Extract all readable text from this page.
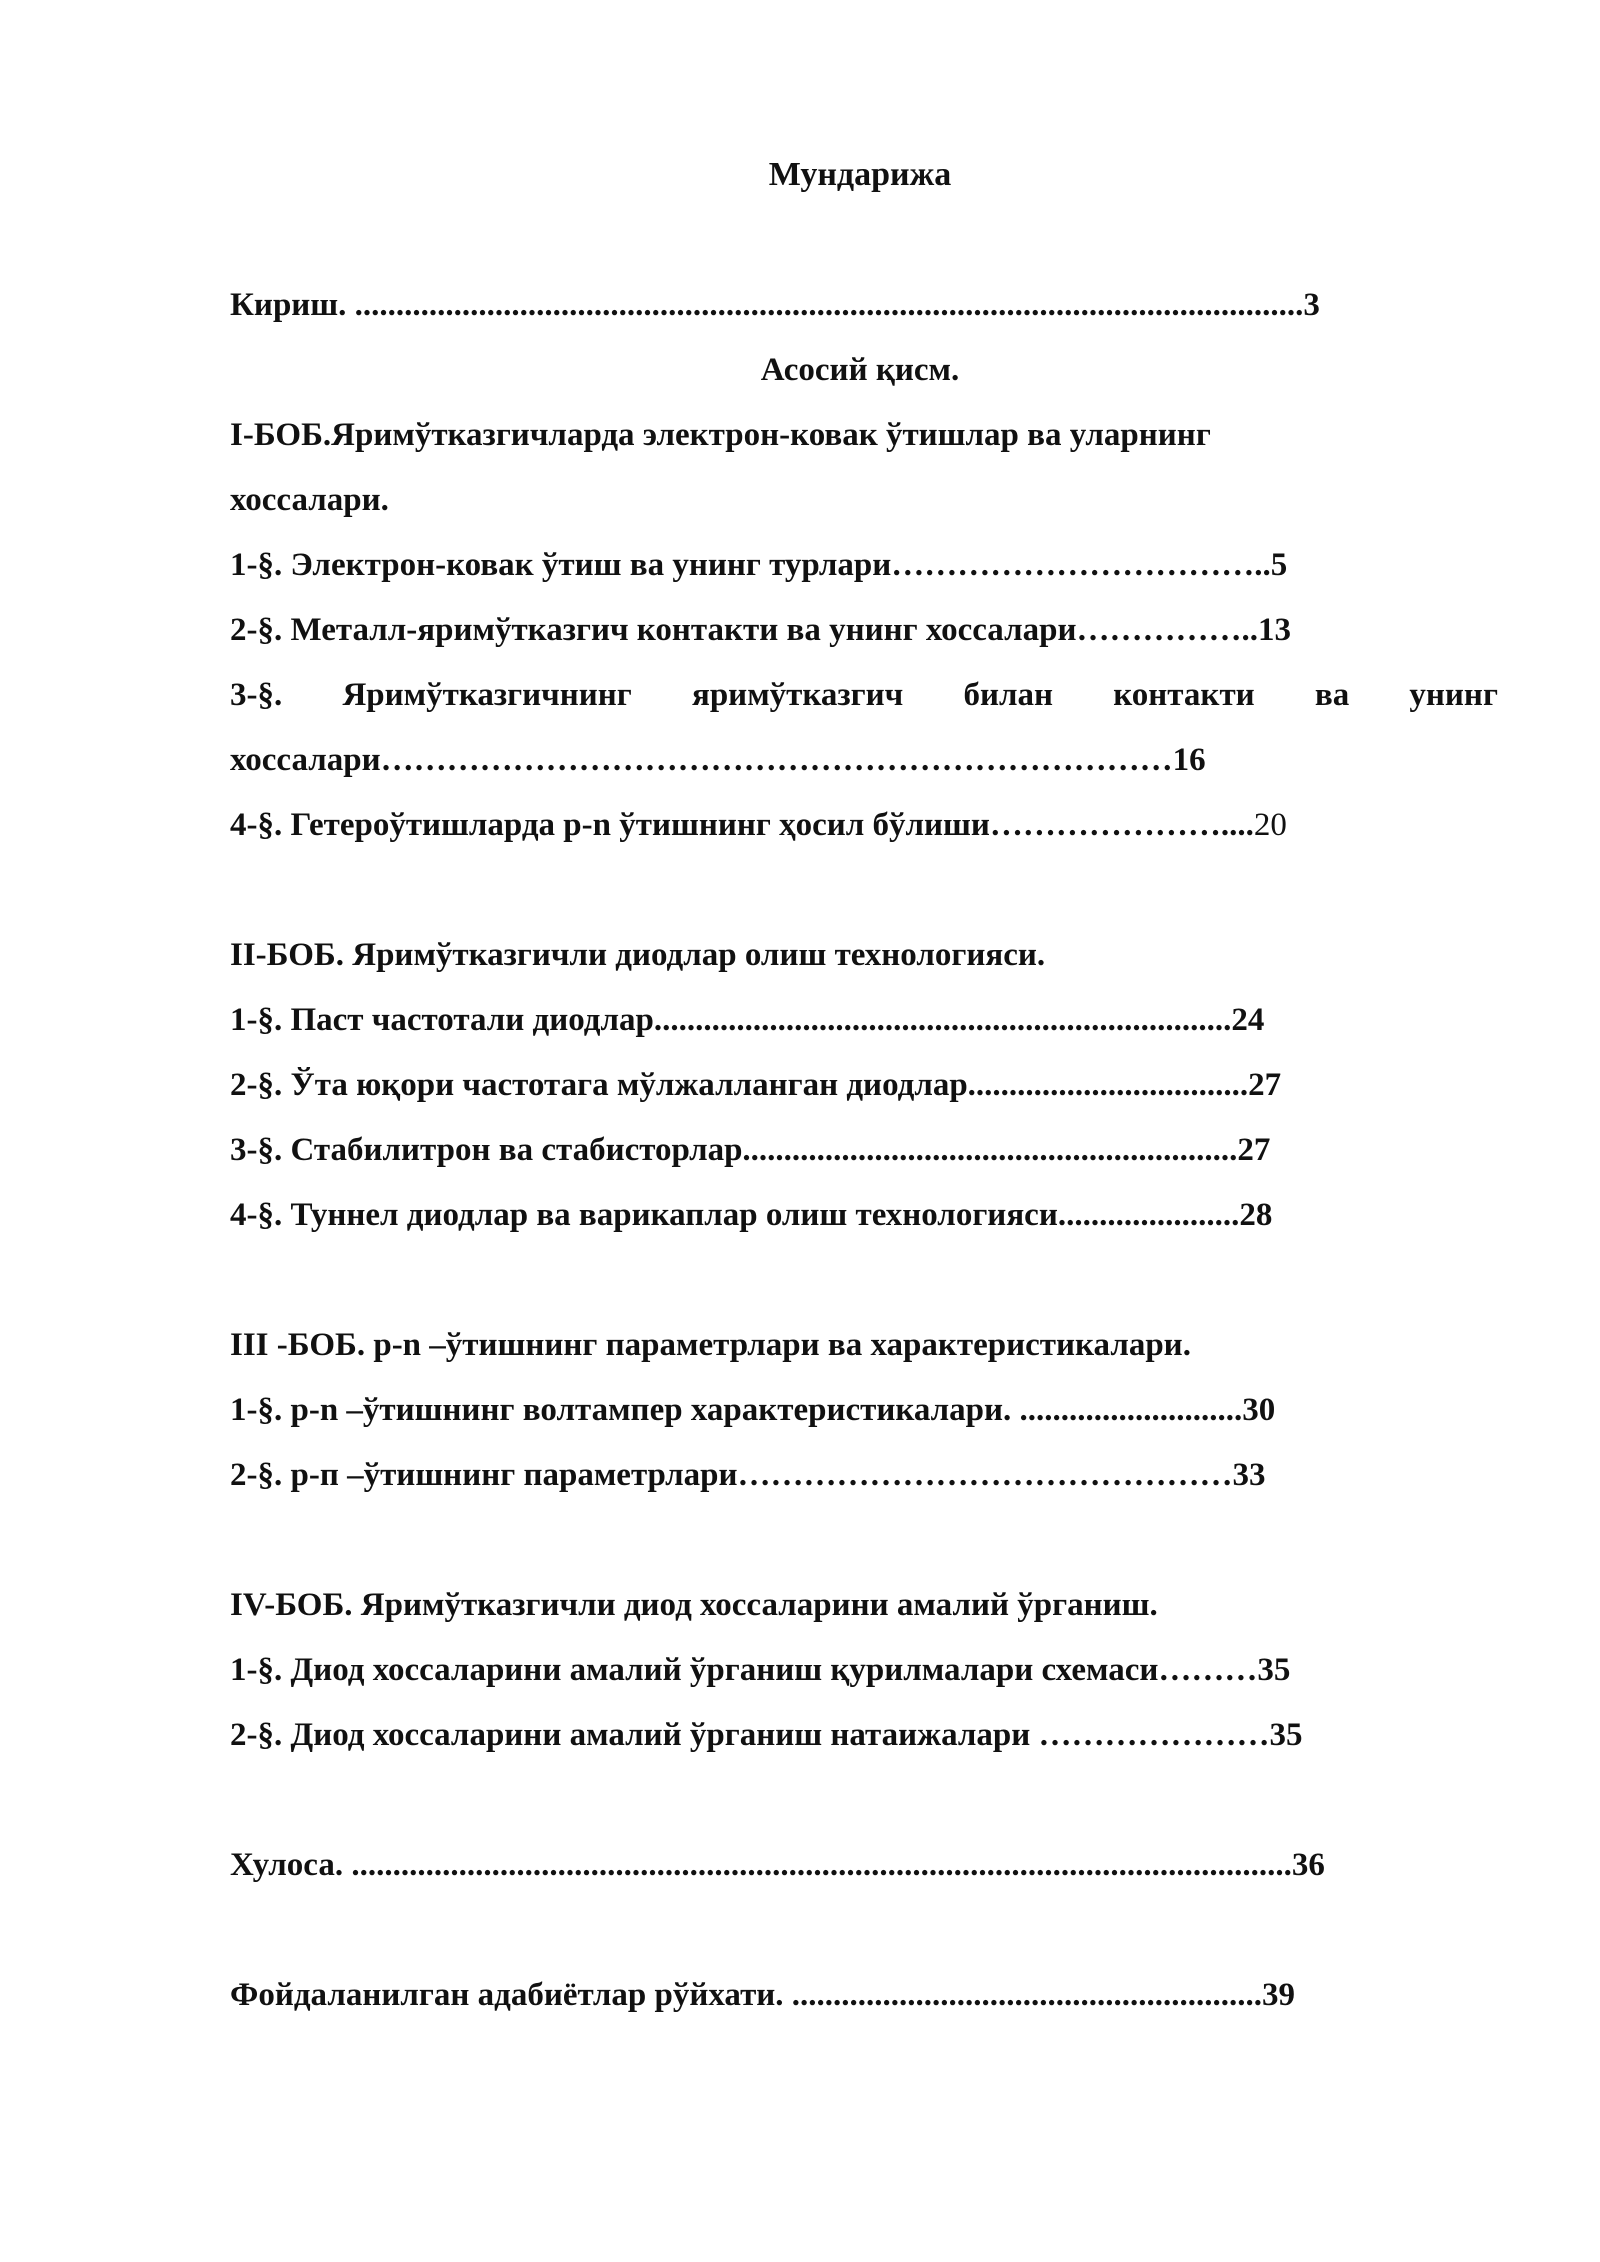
Мундарижа
Кириш. ...................................................................................................................3
Асосий қисм.
I-БОБ.Яримўтказгичларда электрон-ковак ўтишлар ва уларнинг
хоссалари.
1-§. Электрон-ковак ўтиш ва унинг турлари……………………………..5
2-§. Металл-яримўтказгич контакти ва унинг хоссалари……………..13
3-§. Яримўтказгичнинг яримўтказгич билан контакти ва унинг
хоссалари………………………………………………………………16
4-§. Гетероўтишларда p-n ўтишнинг ҳосил бўлиши…………………....20
II-БОБ. Яримўтказгичли диодлар олиш технологияси.
1-§. Паст частотали диодлар......................................................................24
2-§. Ўта юқори частотага мўлжалланган диодлар..................................27
3-§. Стабилитрон ва стабисторлар............................................................27
4-§. Туннел диодлар ва варикаплар олиш технологияси......................28
III -БОБ. p-n –ўтишнинг параметрлари ва характеристикалари.
1-§. p-n –ўтишнинг волтампер характеристикалари. ...........................30
2-§. р-п –ўтишнинг параметрлари………………………………………33
IV-БОБ. Яримўтказгичли диод хоссаларини амалий ўрганиш.
1-§. Диод хоссаларини амалий ўрганиш қурилмалари схемаси………35
2-§. Диод хоссаларини амалий ўрганиш натаижалари …………………35
Хулоса. ..................................................................................................................36
Фойдаланилган адабиётлар рўйхати. .........................................................39
